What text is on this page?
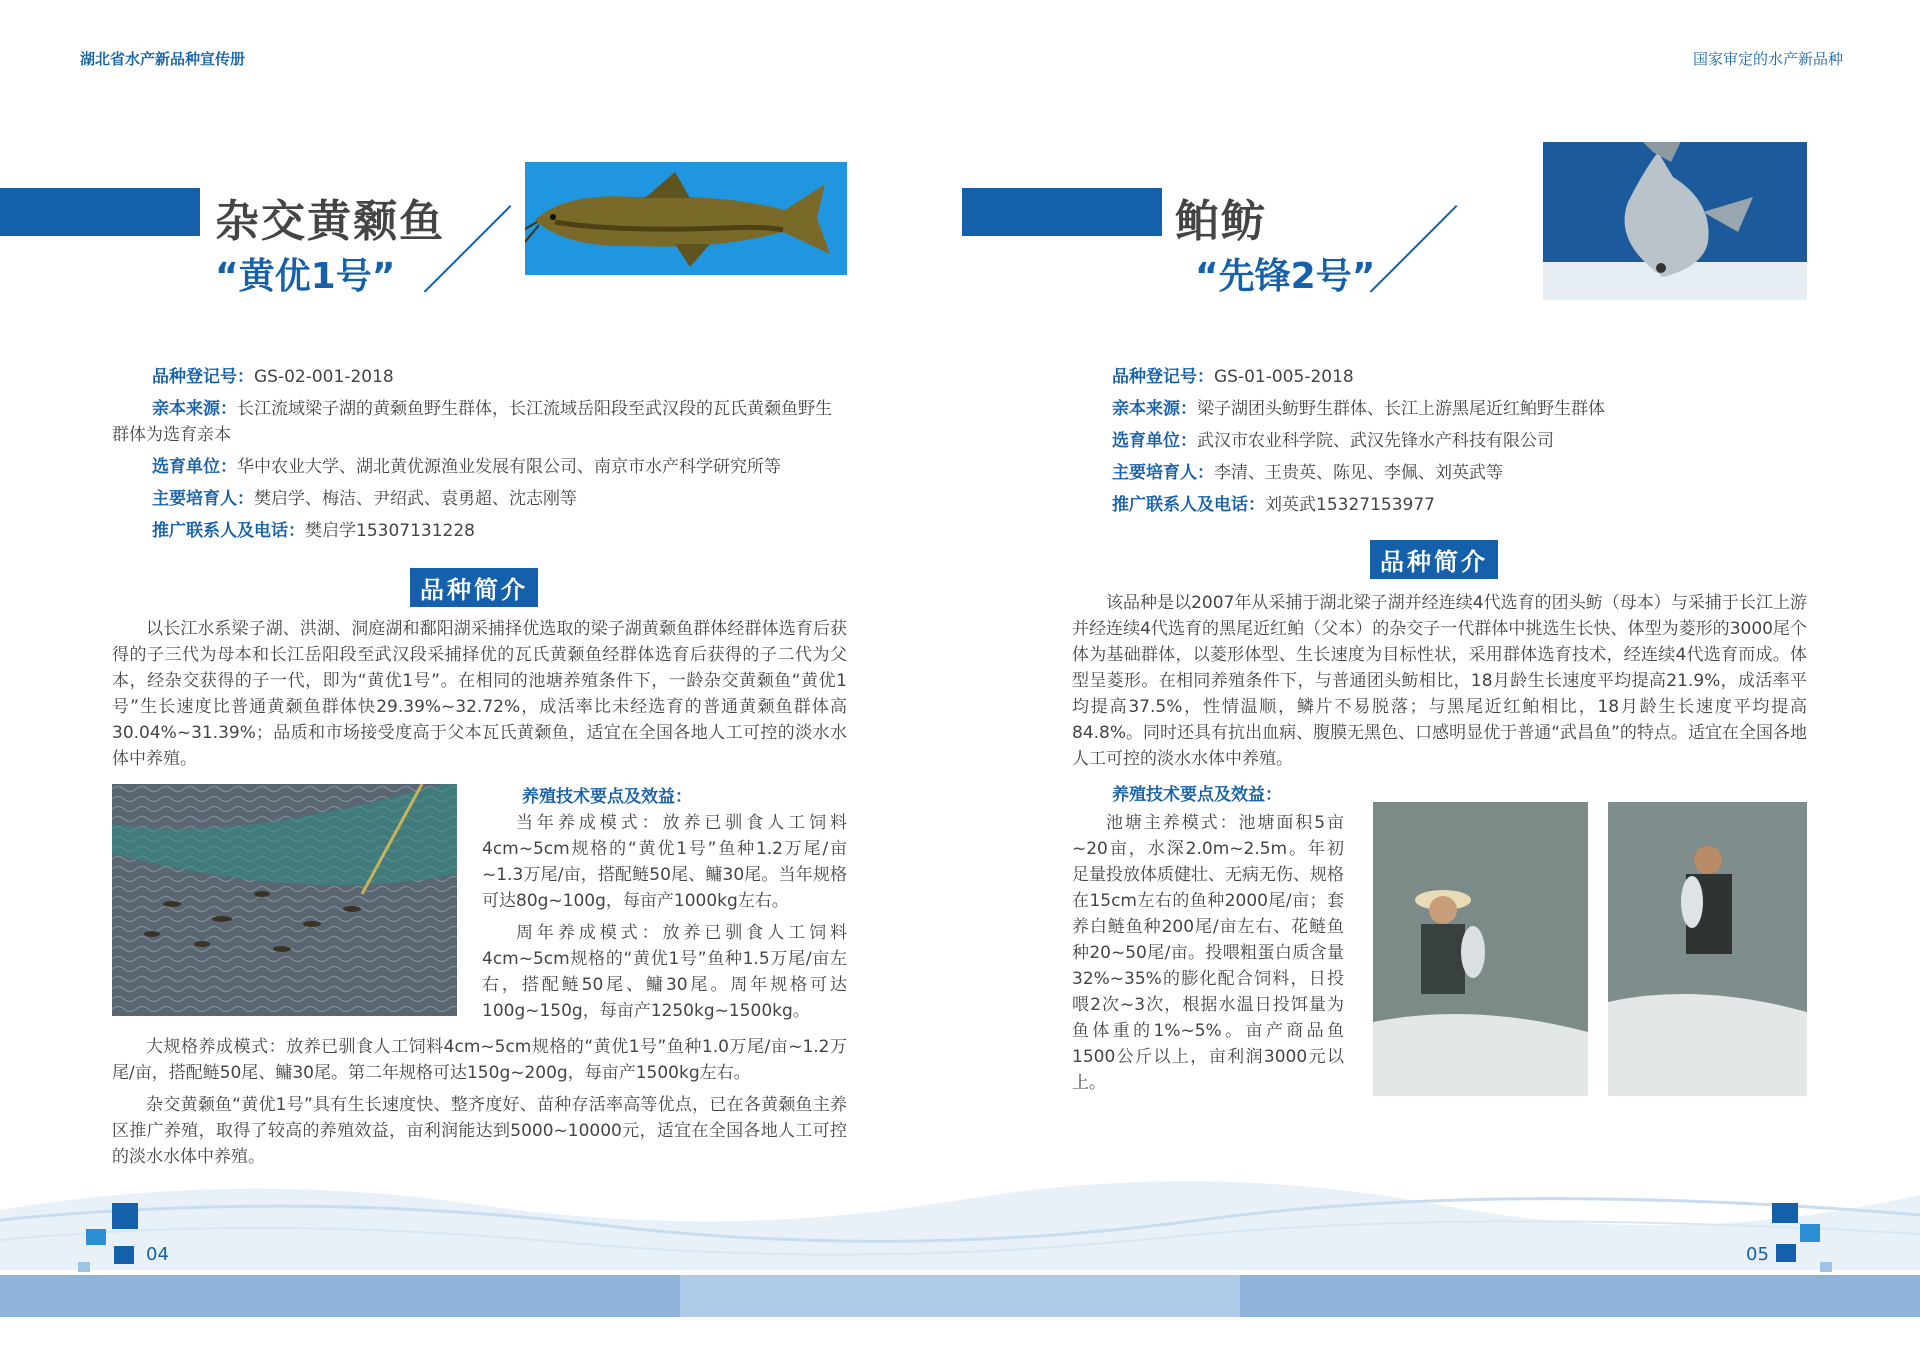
湖北省水产新品种宣传册	国家审定的水产新品种
杂交黄颡鱼
“黄优1号”
品种登记号：GS-02-001-2018
亲本来源：长江流域梁子湖的黄颡鱼野生群体，长江流域岳阳段至武汉段的瓦氏黄颡鱼野生群体为选育亲本
选育单位：华中农业大学、湖北黄优源渔业发展有限公司、南京市水产科学研究所等
主要培育人：樊启学、梅洁、尹绍武、袁勇超、沈志刚等
推广联系人及电话：樊启学15307131228
品种简介

以长江水系梁子湖、洪湖、洞庭湖和鄱阳湖采捕择优选取的梁子湖黄颡鱼群体经群体选育后获得的子三代为母本和长江岳阳段至武汉段采捕择优的瓦氏黄颡鱼经群体选育后获得的子二代为父本，经杂交获得的子一代，即为“黄优1号”。在相同的池塘养殖条件下，一龄杂交黄颡鱼“黄优1号”生长速度比普通黄颡鱼群体快29.39%~32.72%，成活率比未经选育的普通黄颡鱼群体高30.04%~31.39%；品质和市场接受度高于父本瓦氏黄颡鱼，适宜在全国各地人工可控的淡水水体中养殖。

养殖技术要点及效益：

当年养成模式：放养已驯食人工饲料4cm~5cm规格的“黄优1号”鱼种1.2万尾/亩~1.3万尾/亩，搭配鲢50尾、鳙30尾。当年规格可达80g~100g，每亩产1000kg左右。

周年养成模式：放养已驯食人工饲料4cm~5cm规格的“黄优1号”鱼种1.5万尾/亩左右，搭配鲢50尾、鳙30尾。周年规格可达100g~150g，每亩产1250kg~1500kg。

大规格养成模式：放养已驯食人工饲料4cm~5cm规格的“黄优1号”鱼种1.0万尾/亩~1.2万尾/亩，搭配鲢50尾、鳙30尾。第二年规格可达150g~200g，每亩产1500kg左右。

杂交黄颡鱼“黄优1号”具有生长速度快、整齐度好、苗种存活率高等优点，已在各黄颡鱼主养区推广养殖，取得了较高的养殖效益，亩利润能达到5000~10000元，适宜在全国各地人工可控的淡水水体中养殖。

鲌鲂
“先锋2号”
品种登记号：GS-01-005-2018
亲本来源：梁子湖团头鲂野生群体、长江上游黑尾近红鲌野生群体
选育单位：武汉市农业科学院、武汉先锋水产科技有限公司
主要培育人：李清、王贵英、陈见、李佩、刘英武等
推广联系人及电话：刘英武15327153977
品种简介

该品种是以2007年从采捕于湖北梁子湖并经连续4代选育的团头鲂（母本）与采捕于长江上游并经连续4代选育的黑尾近红鲌（父本）的杂交子一代群体中挑选生长快、体型为菱形的3000尾个体为基础群体，以菱形体型、生长速度为目标性状，采用群体选育技术，经连续4代选育而成。体型呈菱形。在相同养殖条件下，与普通团头鲂相比，18月龄生长速度平均提高21.9%，成活率平均提高37.5%，性情温顺，鳞片不易脱落；与黑尾近红鲌相比，18月龄生长速度平均提高84.8%。同时还具有抗出血病、腹膜无黑色、口感明显优于普通“武昌鱼”的特点。适宜在全国各地人工可控的淡水水体中养殖。

养殖技术要点及效益：

池塘主养模式：池塘面积5亩~20亩，水深2.0m~2.5m。年初足量投放体质健壮、无病无伤、规格在15cm左右的鱼种2000尾/亩；套养白鲢鱼种200尾/亩左右、花鲢鱼种20~50尾/亩。投喂粗蛋白质含量32%~35%的膨化配合饲料，日投喂2次~3次，根据水温日投饵量为鱼体重的1%~5%。亩产商品鱼1500公斤以上，亩利润3000元以上。

04	05
